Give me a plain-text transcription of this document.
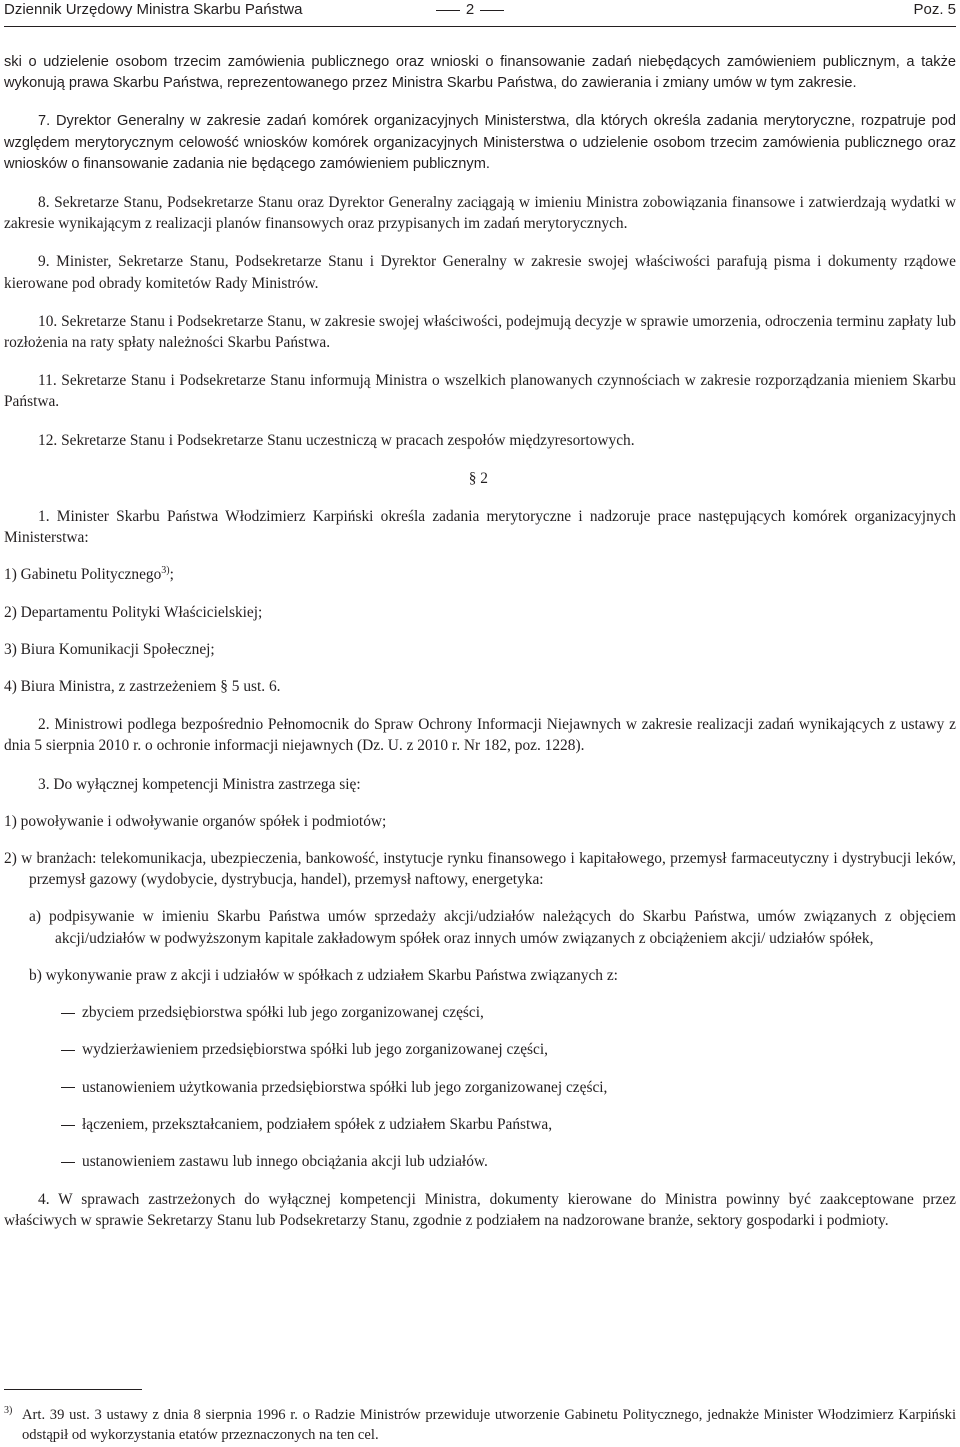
Dziennik Urzędowy Ministra Skarbu Państwa	2	Poz. 5

ski o udzielenie osobom trzecim zamówienia publicznego oraz wnioski o finansowanie zadań niebędących zamówieniem publicznym, a także wykonują prawa Skarbu Państwa, reprezentowanego przez Ministra Skarbu Państwa, do zawierania i zmiany umów w tym zakresie.

7. Dyrektor Generalny w zakresie zadań komórek organizacyjnych Ministerstwa, dla których określa zadania merytoryczne, rozpatruje pod względem merytorycznym celowość wniosków komórek organizacyjnych Ministerstwa o udzielenie osobom trzecim zamówienia publicznego oraz wniosków o finansowanie zadania nie będącego zamówieniem publicznym.

8. Sekretarze Stanu, Podsekretarze Stanu oraz Dyrektor Generalny zaciągają w imieniu Ministra zobowiązania finansowe i zatwierdzają wydatki w zakresie wynikającym z realizacji planów finansowych oraz przypisanych im zadań merytorycznych.

9. Minister, Sekretarze Stanu, Podsekretarze Stanu i Dyrektor Generalny w zakresie swojej właściwości parafują pisma i dokumenty rządowe kierowane pod obrady komitetów Rady Ministrów.

10. Sekretarze Stanu i Podsekretarze Stanu, w zakresie swojej właściwości, podejmują decyzje w sprawie umorzenia, odroczenia terminu zapłaty lub rozłożenia na raty spłaty należności Skarbu Państwa.

11. Sekretarze Stanu i Podsekretarze Stanu informują Ministra o wszelkich planowanych czynnościach w zakresie rozporządzania mieniem Skarbu Państwa.

12. Sekretarze Stanu i Podsekretarze Stanu uczestniczą w pracach zespołów międzyresortowych.

§ 2

1. Minister Skarbu Państwa Włodzimierz Karpiński określa zadania merytoryczne i nadzoruje prace następujących komórek organizacyjnych Ministerstwa:

1) Gabinetu Politycznego$^{3)}$;

2) Departamentu Polityki Właścicielskiej;

3) Biura Komunikacji Społecznej;

4) Biura Ministra, z zastrzeżeniem § 5 ust. 6.

2. Ministrowi podlega bezpośrednio Pełnomocnik do Spraw Ochrony Informacji Niejawnych w zakresie realizacji zadań wynikających z ustawy z dnia 5 sierpnia 2010 r. o ochronie informacji niejawnych (Dz. U. z 2010 r. Nr 182, poz. 1228).

3. Do wyłącznej kompetencji Ministra zastrzega się:

1) powoływanie i odwoływanie organów spółek i podmiotów;

2) w branżach: telekomunikacja, ubezpieczenia, bankowość, instytucje rynku finansowego i kapitałowego, przemysł farmaceutyczny i dystrybucji leków, przemysł gazowy (wydobycie, dystrybucja, handel), przemysł naftowy, energetyka:

a) podpisywanie w imieniu Skarbu Państwa umów sprzedaży akcji/udziałów należących do Skarbu Państwa, umów związanych z objęciem akcji/udziałów w podwyższonym kapitale zakładowym spółek oraz innych umów związanych z obciążeniem akcji/ udziałów spółek,

b) wykonywanie praw z akcji i udziałów w spółkach z udziałem Skarbu Państwa związanych z:

zbyciem przedsiębiorstwa spółki lub jego zorganizowanej części,

wydzierżawieniem przedsiębiorstwa spółki lub jego zorganizowanej części,

ustanowieniem użytkowania przedsiębiorstwa spółki lub jego zorganizowanej części,

łączeniem, przekształcaniem, podziałem spółek z udziałem Skarbu Państwa,

ustanowieniem zastawu lub innego obciążania akcji lub udziałów.

4. W sprawach zastrzeżonych do wyłącznej kompetencji Ministra, dokumenty kierowane do Ministra powinny być zaakceptowane przez właściwych w sprawie Sekretarzy Stanu lub Podsekretarzy Stanu, zgodnie z podziałem na nadzorowane branże, sektory gospodarki i podmioty.

3) Art. 39 ust. 3 ustawy z dnia 8 sierpnia 1996 r. o Radzie Ministrów przewiduje utworzenie Gabinetu Politycznego, jednakże Minister Włodzimierz Karpiński odstąpił od wykorzystania etatów przeznaczonych na ten cel.
